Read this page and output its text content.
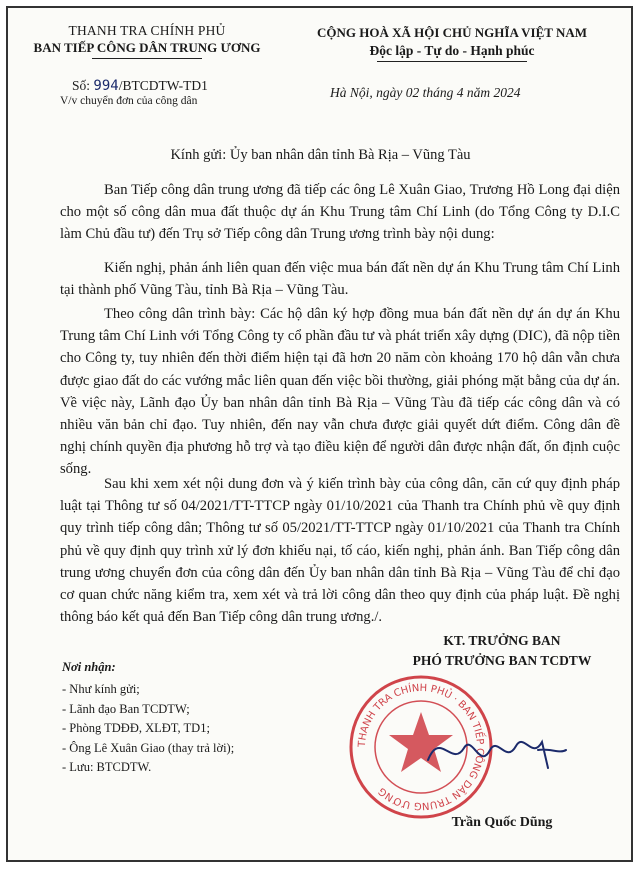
THANH TRA CHÍNH PHỦ
BAN TIẾP CÔNG DÂN TRUNG ƯƠNG
CỘNG HOÀ XÃ HỘI CHỦ NGHĨA VIỆT NAM
Độc lập - Tự do - Hạnh phúc
Số: 994/BTCDTW-TD1
V/v chuyển đơn của công dân
Hà Nội, ngày 02 tháng 4 năm 2024
Kính gửi: Ủy ban nhân dân tỉnh Bà Rịa – Vũng Tàu

Ban Tiếp công dân trung ương đã tiếp các ông Lê Xuân Giao, Trương Hồ Long đại diện cho một số công dân mua đất thuộc dự án Khu Trung tâm Chí Linh (do Tổng Công ty D.I.C làm Chủ đầu tư) đến Trụ sở Tiếp công dân Trung ương trình bày nội dung:

Kiến nghị, phản ánh liên quan đến việc mua bán đất nền dự án Khu Trung tâm Chí Linh tại thành phố Vũng Tàu, tỉnh Bà Rịa – Vũng Tàu.

Theo công dân trình bày: Các hộ dân ký hợp đồng mua bán đất nền dự án dự án Khu Trung tâm Chí Linh với Tổng Công ty cổ phần đầu tư và phát triển xây dựng (DIC), đã nộp tiền cho Công ty, tuy nhiên đến thời điểm hiện tại đã hơn 20 năm còn khoảng 170 hộ dân vẫn chưa được giao đất do các vướng mắc liên quan đến việc bồi thường, giải phóng mặt bằng của dự án. Về việc này, Lãnh đạo Ủy ban nhân dân tỉnh Bà Rịa – Vũng Tàu đã tiếp các công dân và có nhiều văn bản chỉ đạo. Tuy nhiên, đến nay vẫn chưa được giải quyết dứt điểm. Công dân đề nghị chính quyền địa phương hỗ trợ và tạo điều kiện để người dân được nhận đất, ổn định cuộc sống.

Sau khi xem xét nội dung đơn và ý kiến trình bày của công dân, căn cứ quy định pháp luật tại Thông tư số 04/2021/TT-TTCP ngày 01/10/2021 của Thanh tra Chính phủ về quy định quy trình tiếp công dân; Thông tư số 05/2021/TT-TTCP ngày 01/10/2021 của Thanh tra Chính phủ về quy định quy trình xử lý đơn khiếu nại, tố cáo, kiến nghị, phản ánh. Ban Tiếp công dân trung ương chuyển đơn của công dân đến Ủy ban nhân dân tỉnh Bà Rịa – Vũng Tàu để chỉ đạo cơ quan chức năng kiểm tra, xem xét và trả lời công dân theo quy định của pháp luật. Đề nghị thông báo kết quả đến Ban Tiếp công dân trung ương./.

KT. TRƯỞNG BAN
PHÓ TRƯỞNG BAN TCDTW
THANH TRA CHÍNH PHỦ · BAN TIẾP CÔNG DÂN TRUNG ƯƠNG
Trần Quốc Dũng
Nơi nhận:
- Như kính gửi;
- Lãnh đạo Ban TCDTW;
- Phòng TDĐĐ, XLĐT, TD1;
- Ông Lê Xuân Giao (thay trả lời);
- Lưu: BTCDTW.
